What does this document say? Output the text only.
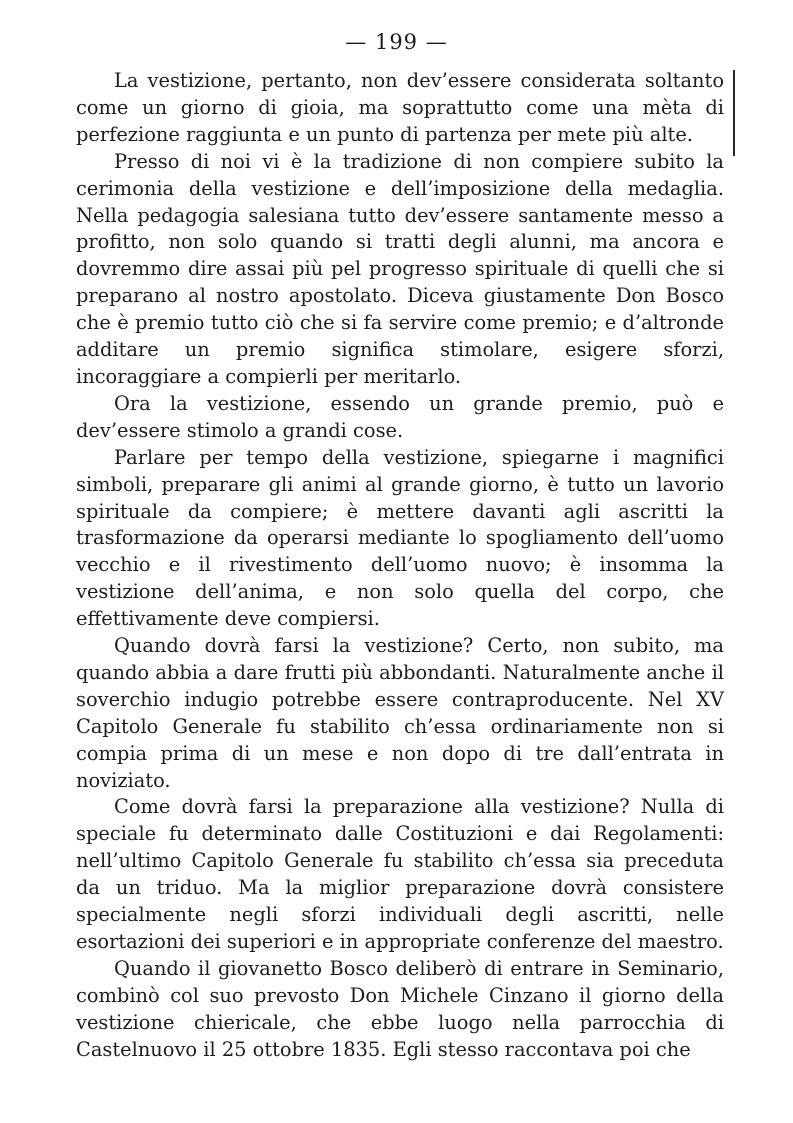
— 199 —

La vestizione, pertanto, non dev’essere considerata soltanto come un giorno di gioia, ma soprattutto come una mèta di perfezione raggiunta e un punto di partenza per mete più alte.

Presso di noi vi è la tradizione di non compiere subito la cerimonia della vestizione e dell’imposizione della medaglia. Nella pedagogia salesiana tutto dev’essere santamente messo a profitto, non solo quando si tratti degli alunni, ma ancora e dovremmo dire assai più pel progresso spirituale di quelli che si preparano al nostro apostolato. Diceva giustamente Don Bosco che è premio tutto ciò che si fa servire come premio; e d’altronde additare un premio significa stimolare, esigere sforzi, incoraggiare a compierli per meritarlo.

Ora la vestizione, essendo un grande premio, può e dev’essere stimolo a grandi cose.

Parlare per tempo della vestizione, spiegarne i magnifici simboli, preparare gli animi al grande giorno, è tutto un lavorio spirituale da compiere; è mettere davanti agli ascritti la trasformazione da operarsi mediante lo spogliamento dell’uomo vecchio e il rivestimento dell’uomo nuovo; è insomma la vestizione dell’anima, e non solo quella del corpo, che effettivamente deve compiersi.

Quando dovrà farsi la vestizione? Certo, non subito, ma quando abbia a dare frutti più abbondanti. Naturalmente anche il soverchio indugio potrebbe essere contraproducente. Nel XV Capitolo Generale fu stabilito ch’essa ordinariamente non si compia prima di un mese e non dopo di tre dall’entrata in noviziato.

Come dovrà farsi la preparazione alla vestizione? Nulla di speciale fu determinato dalle Costituzioni e dai Regolamenti: nell’ultimo Capitolo Generale fu stabilito ch’essa sia preceduta da un triduo. Ma la miglior preparazione dovrà consistere specialmente negli sforzi individuali degli ascritti, nelle esortazioni dei superiori e in appropriate conferenze del maestro.

Quando il giovanetto Bosco deliberò di entrare in Seminario, combinò col suo prevosto Don Michele Cinzano il giorno della vestizione chiericale, che ebbe luogo nella parrocchia di Castelnuovo il 25 ottobre 1835. Egli stesso raccontava poi che
